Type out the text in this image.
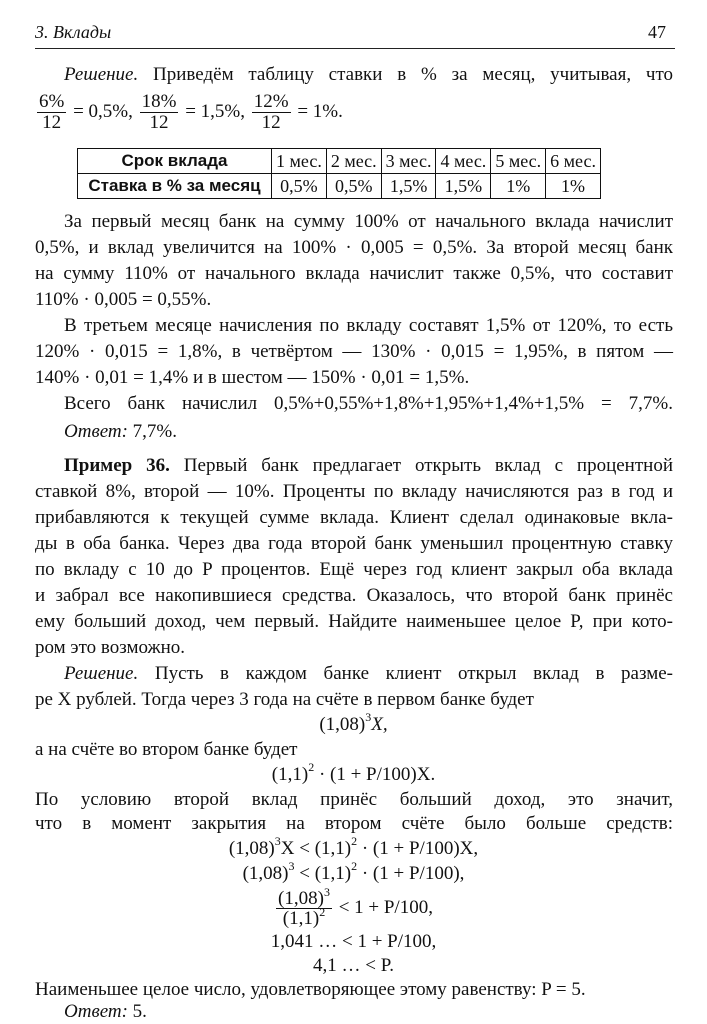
3. Вклады	47
Решение. Приведём таблицу ставки в % за месяц, учитывая, что
$\frac{6\%}{12} = 0,5\%$, $\frac{18\%}{12} = 1,5\%$, $\frac{12\%}{12} = 1\%$.
Срок вклада	1 мес.	2 мес.	3 мес.	4 мес.	5 мес.	6 мес.
Ставка в % за месяц	0,5%	0,5%	1,5%	1,5%	1%	1%
За первый месяц банк на сумму 100% от начального вклада начислит
0,5%, и вклад увеличится на 100% · 0,005 = 0,5%. За второй месяц банк
на сумму 110% от начального вклада начислит также 0,5%, что составит
110% · 0,005 = 0,55%.
В третьем месяце начисления по вкладу составят 1,5% от 120%, то есть
120% · 0,015 = 1,8%, в четвёртом — 130% · 0,015 = 1,95%, в пятом —
140% · 0,01 = 1,4% и в шестом — 150% · 0,01 = 1,5%.
Всего банк начислил 0,5%+0,55%+1,8%+1,95%+1,4%+1,5% = 7,7%.
Ответ: 7,7%.
Пример 36. Первый банк предлагает открыть вклад с процентной
ставкой 8%, второй — 10%. Проценты по вкладу начисляются раз в год и
прибавляются к текущей сумме вклада. Клиент сделал одинаковые вкла-
ды в оба банка. Через два года второй банк уменьшил процентную ставку
по вкладу с 10 до P процентов. Ещё через год клиент закрыл оба вклада
и забрал все накопившиеся средства. Оказалось, что второй банк принёс
ему больший доход, чем первый. Найдите наименьшее целое P, при кото-
ром это возможно.
Решение. Пусть в каждом банке клиент открыл вклад в разме-
ре X рублей. Тогда через 3 года на счёте в первом банке будет
$(1,08)^3X$,
а на счёте во втором банке будет
$(1,1)^2 \cdot (1 + P/100)X$.
По условию второй вклад принёс больший доход, это значит,
что в момент закрытия на втором счёте было больше средств:
$(1,08)^3X < (1,1)^2 \cdot (1 + P/100)X$,
$(1,08)^3 < (1,1)^2 \cdot (1 + P/100)$,
$\frac{(1,08)^3}{(1,1)^2} < 1 + P/100$,
1,041 … < 1 + P/100,
4,1 … < P.
Наименьшее целое число, удовлетворяющее этому равенству: P = 5.
Ответ: 5.
